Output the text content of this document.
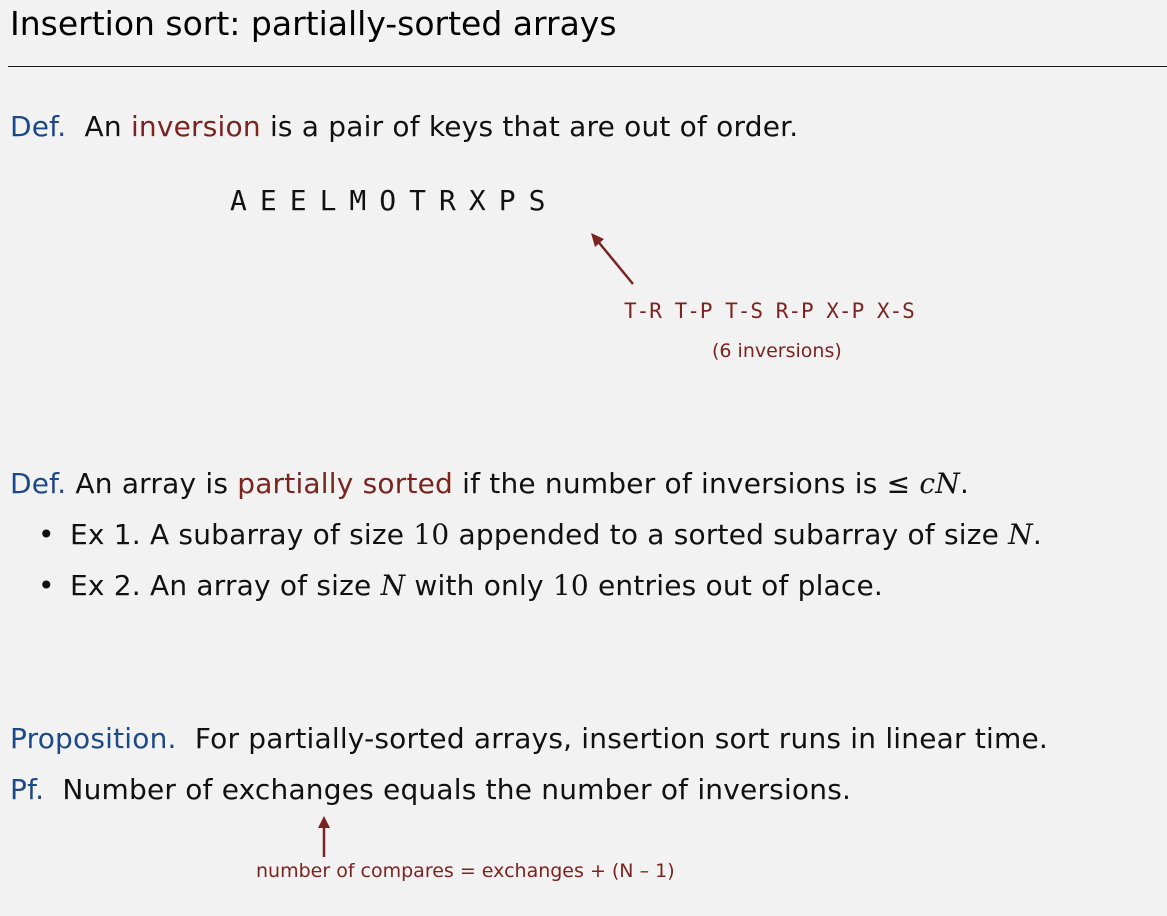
Insertion sort: partially-sorted arrays
Def. An inversion is a pair of keys that are out of order.
AEELMOTRXPS
T-R T-P T-S R-P X-P X-S
(6 inversions)
Def. An array is partially sorted if the number of inversions is ≤ cN.
• Ex 1. A subarray of size 10 appended to a sorted subarray of size N.
• Ex 2. An array of size N with only 10 entries out of place.
Proposition. For partially-sorted arrays, insertion sort runs in linear time.
Pf. Number of exchanges equals the number of inversions.
number of compares = exchanges + (N – 1)
